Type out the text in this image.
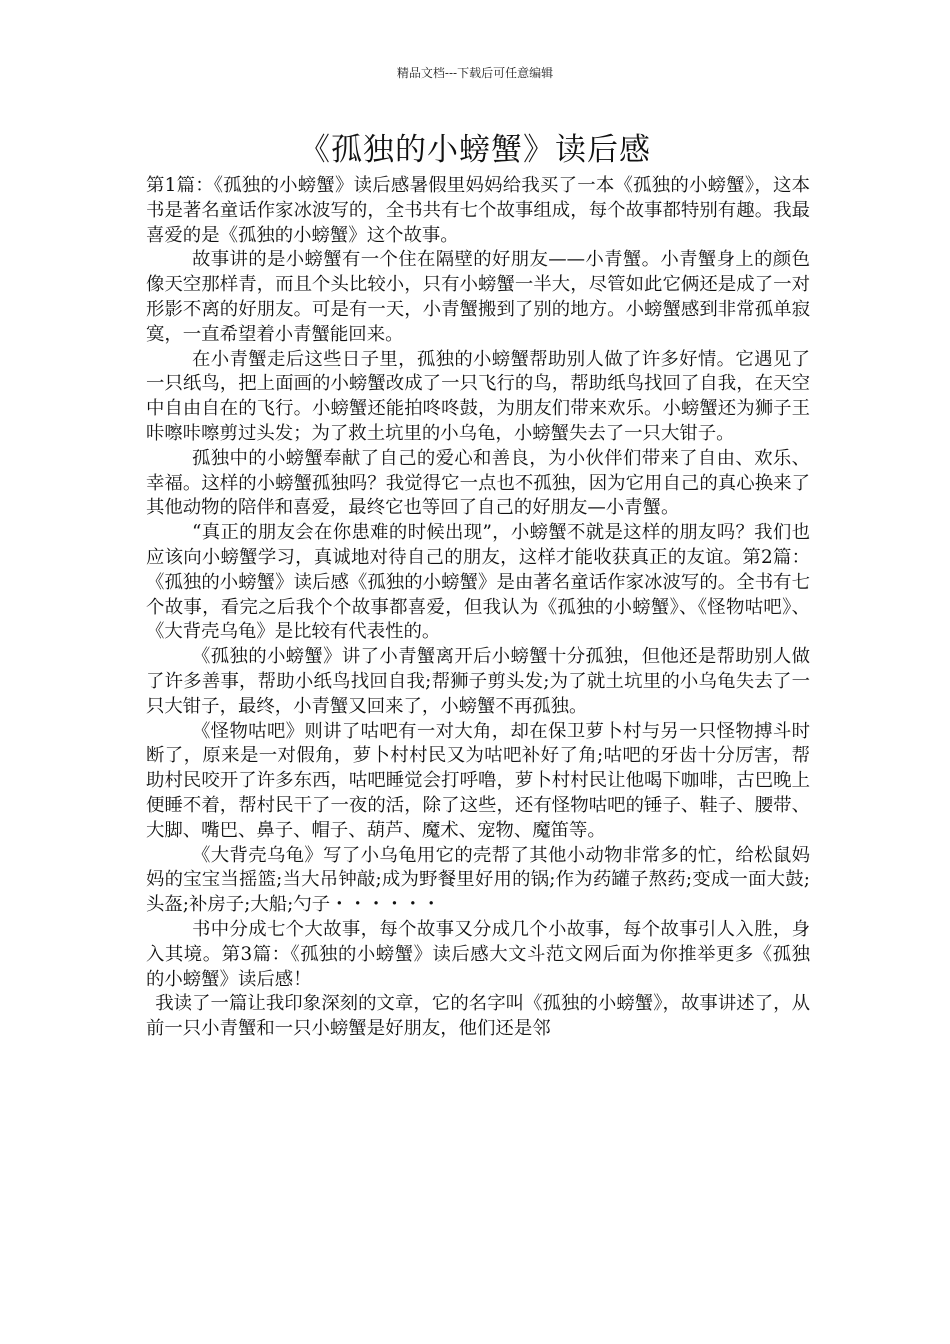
精品文档---下载后可任意编辑
《孤独的小螃蟹》读后感

第1篇：《孤独的小螃蟹》读后感暑假里妈妈给我买了一本《孤独的小螃蟹》，这本书是著名童话作家冰波写的，全书共有七个故事组成，每个故事都特别有趣。我最喜爱的是《孤独的小螃蟹》这个故事。

故事讲的是小螃蟹有一个住在隔壁的好朋友——小青蟹。小青蟹身上的颜色像天空那样青，而且个头比较小，只有小螃蟹一半大，尽管如此它俩还是成了一对形影不离的好朋友。可是有一天，小青蟹搬到了别的地方。小螃蟹感到非常孤单寂寞，一直希望着小青蟹能回来。

在小青蟹走后这些日子里，孤独的小螃蟹帮助别人做了许多好情。它遇见了一只纸鸟，把上面画的小螃蟹改成了一只飞行的鸟，帮助纸鸟找回了自我，在天空中自由自在的飞行。小螃蟹还能拍咚咚鼓，为朋友们带来欢乐。小螃蟹还为狮子王咔嚓咔嚓剪过头发；为了救土坑里的小乌龟，小螃蟹失去了一只大钳子。

孤独中的小螃蟹奉献了自己的爱心和善良，为小伙伴们带来了自由、欢乐、幸福。这样的小螃蟹孤独吗？我觉得它一点也不孤独，因为它用自己的真心换来了其他动物的陪伴和喜爱，最终它也等回了自己的好朋友—小青蟹。

“真正的朋友会在你患难的时候出现”，小螃蟹不就是这样的朋友吗？我们也应该向小螃蟹学习，真诚地对待自己的朋友，这样才能收获真正的友谊。第2篇：《孤独的小螃蟹》读后感《孤独的小螃蟹》是由著名童话作家冰波写的。全书有七个故事，看完之后我个个故事都喜爱，但我认为《孤独的小螃蟹》、《怪物咕吧》、《大背壳乌龟》是比较有代表性的。

《孤独的小螃蟹》讲了小青蟹离开后小螃蟹十分孤独，但他还是帮助别人做了许多善事，帮助小纸鸟找回自我;帮狮子剪头发;为了就土坑里的小乌龟失去了一只大钳子，最终，小青蟹又回来了，小螃蟹不再孤独。

《怪物咕吧》则讲了咕吧有一对大角，却在保卫萝卜村与另一只怪物搏斗时断了，原来是一对假角，萝卜村村民又为咕吧补好了角;咕吧的牙齿十分厉害，帮助村民咬开了许多东西，咕吧睡觉会打呼噜，萝卜村村民让他喝下咖啡，古巴晚上便睡不着，帮村民干了一夜的活，除了这些，还有怪物咕吧的锤子、鞋子、腰带、大脚、嘴巴、鼻子、帽子、葫芦、魔术、宠物、魔笛等。

《大背壳乌龟》写了小乌龟用它的壳帮了其他小动物非常多的忙，给松鼠妈妈的宝宝当摇篮;当大吊钟敲;成为野餐里好用的锅;作为药罐子熬药;变成一面大鼓;头盔;补房子;大船;勺子・・・・・・

书中分成七个大故事，每个故事又分成几个小故事，每个故事引人入胜，身入其境。第3篇：《孤独的小螃蟹》读后感大文斗范文网后面为你推举更多《孤独的小螃蟹》读后感！

我读了一篇让我印象深刻的文章，它的名字叫《孤独的小螃蟹》，故事讲述了，从前一只小青蟹和一只小螃蟹是好朋友，他们还是邻
